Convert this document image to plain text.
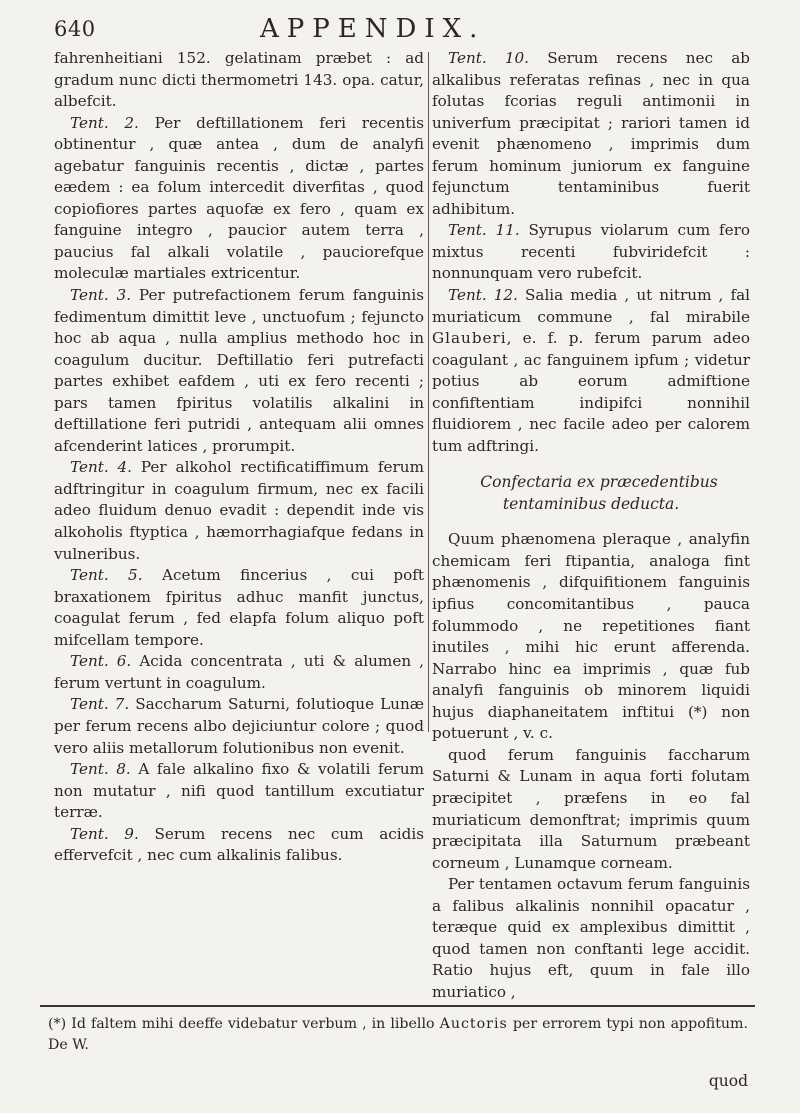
640	APPENDIX.

fahrenheitiani 152. gelatinam præbet : ad gradum nunc dicti thermometri 143. opa. catur, albefcit.

Tent. 2. Per deftillationem feri recentis obtinentur , quæ antea , dum de analyfi agebatur fanguinis recentis , dictæ , partes eædem : ea folum intercedit diverfitas , quod copiofiores partes aquofæ ex fero , quam ex fanguine integro , paucior autem terra , paucius fal alkali volatile , pauciorefque moleculæ martiales extricentur.

Tent. 3. Per putrefactionem ferum fanguinis fedimentum dimittit leve , unctuofum ; fejuncto hoc ab aqua , nulla amplius methodo hoc in coagulum ducitur. Deftillatio feri putrefacti partes exhibet eafdem , uti ex fero recenti ; pars tamen fpiritus volatilis alkalini in deftillatione feri putridi , antequam alii omnes afcenderint latices , prorumpit.

Tent. 4. Per alkohol rectificatiffimum ferum adftringitur in coagulum firmum, nec ex facili adeo fluidum denuo evadit : dependit inde vis alkoholis ftyptica , hæmorrhagiafque fedans in vulneribus.

Tent. 5. Acetum fincerius , cui poft braxationem fpiritus adhuc manfit junctus, coagulat ferum , fed elapfa folum aliquo poft mifcellam tempore.

Tent. 6. Acida concentrata , uti & alumen , ferum vertunt in coagulum.

Tent. 7. Saccharum Saturni, folutioque Lunæ per ferum recens albo dejiciuntur colore ; quod vero aliis metallorum folutionibus non evenit.

Tent. 8. A fale alkalino fixo & volatili ferum non mutatur , nifi quod tantillum excutiatur terræ.

Tent. 9. Serum recens nec cum acidis effervefcit , nec cum alkalinis falibus.

Tent. 10. Serum recens nec ab alkalibus referatas refinas , nec in qua folutas fcorias reguli antimonii in univerfum præcipitat ; rariori tamen id evenit phænomeno , imprimis dum ferum hominum juniorum ex fanguine fejunctum tentaminibus fuerit adhibitum.

Tent. 11. Syrupus violarum cum fero mixtus recenti fubviridefcit : nonnunquam vero rubefcit.

Tent. 12. Salia media , ut nitrum , fal muriaticum commune , fal mirabile Glauberi, e. f. p. ferum parum adeo coagulant , ac fanguinem ipfum ; videtur potius ab eorum admiftione confiftentiam indipifci nonnihil fluidiorem , nec facile adeo per calorem tum adftringi.

Confectaria ex præcedentibus tentaminibus deducta.

Quum phænomena pleraque , analyfin chemicam feri ftipantia, analoga fint phænomenis , difquifitionem fanguinis ipfius concomitantibus , pauca folummodo , ne repetitiones fiant inutiles , mihi hic erunt afferenda. Narrabo hinc ea imprimis , quæ fub analyfi fanguinis ob minorem liquidi hujus diaphaneitatem inftitui (*) non potuerunt , v. c.

quod ferum fanguinis faccharum Saturni & Lunam in aqua forti folutam præcipitet , præfens in eo fal muriaticum demonftrat; imprimis quum præcipitata illa Saturnum præbeant corneum , Lunamque corneam.

Per tentamen octavum ferum fanguinis a falibus alkalinis nonnihil opacatur , teræque quid ex amplexibus dimittit , quod tamen non conftanti lege accidit. Ratio hujus eft, quum in fale illo muriatico ,

(*) Id faltem mihi deeffe videbatur verbum , in libello Auctoris per errorem typi non appofitum. De W.
quod
